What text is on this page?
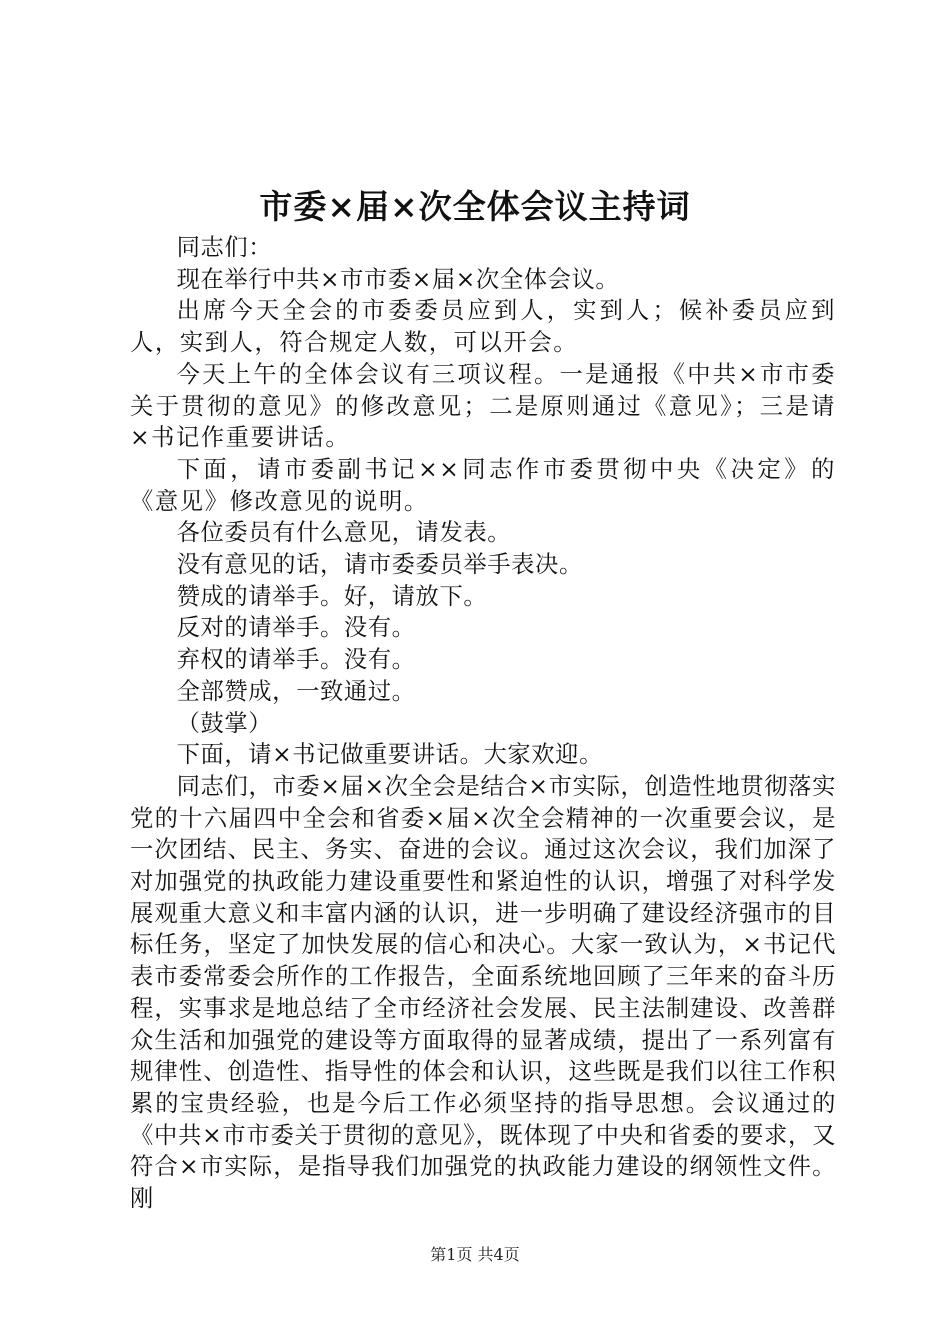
市委×届×次全体会议主持词

同志们：

现在举行中共×市市委×届×次全体会议。

出席今天全会的市委委员应到人，实到人；候补委员应到人，实到人，符合规定人数，可以开会。

今天上午的全体会议有三项议程。一是通报《中共×市市委关于贯彻的意见》的修改意见；二是原则通过《意见》；三是请×书记作重要讲话。

下面，请市委副书记××同志作市委贯彻中央《决定》的《意见》修改意见的说明。

各位委员有什么意见，请发表。

没有意见的话，请市委委员举手表决。

赞成的请举手。好，请放下。

反对的请举手。没有。

弃权的请举手。没有。

全部赞成，一致通过。

（鼓掌）

下面，请×书记做重要讲话。大家欢迎。

同志们，市委×届×次全会是结合×市实际，创造性地贯彻落实党的十六届四中全会和省委×届×次全会精神的一次重要会议，是一次团结、民主、务实、奋进的会议。通过这次会议，我们加深了对加强党的执政能力建设重要性和紧迫性的认识，增强了对科学发展观重大意义和丰富内涵的认识，进一步明确了建设经济强市的目标任务，坚定了加快发展的信心和决心。大家一致认为，×书记代表市委常委会所作的工作报告，全面系统地回顾了三年来的奋斗历程，实事求是地总结了全市经济社会发展、民主法制建设、改善群众生活和加强党的建设等方面取得的显著成绩，提出了一系列富有规律性、创造性、指导性的体会和认识，这些既是我们以往工作积累的宝贵经验，也是今后工作必须坚持的指导思想。会议通过的《中共×市市委关于贯彻的意见》，既体现了中央和省委的要求，又符合×市实际，是指导我们加强党的执政能力建设的纲领性文件。刚

第1页 共4页
